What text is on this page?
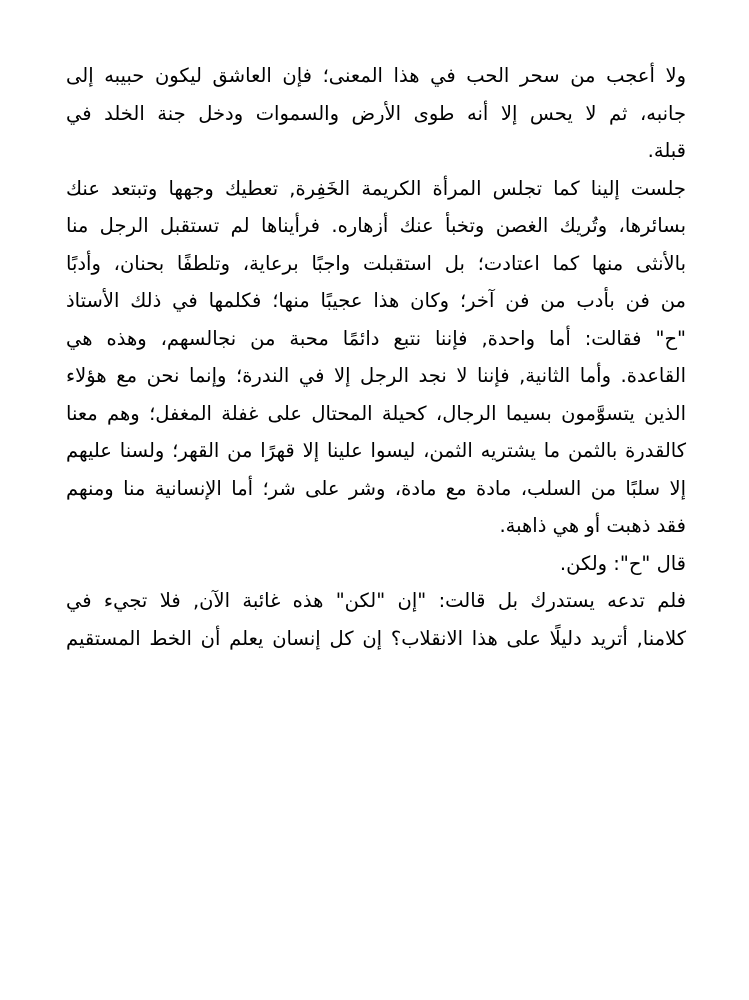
ولا أعجب من سحر الحب في هذا المعنى؛ فإن العاشق ليكون حبيبه إلى
جانبه، ثم لا يحس إلا أنه طوى الأرض والسموات ودخل جنة الخلد في
قبلة.
جلست إلينا كما تجلس المرأة الكريمة الخَفِرة, تعطيك وجهها وتبتعد عنك
بسائرها، وتُريك الغصن وتخبأ عنك أزهاره. فرأيناها لم تستقبل الرجل منا
بالأنثى منها كما اعتادت؛ بل استقبلت واجبًا برعاية، وتلطفًا بحنان، وأدبًا
من فن بأدب من فن آخر؛ وكان هذا عجيبًا منها؛ فكلمها في ذلك الأستاذ
"ح" فقالت: أما واحدة, فإننا نتبع دائمًا محبة من نجالسهم، وهذه هي
القاعدة. وأما الثانية, فإننا لا نجد الرجل إلا في الندرة؛ وإنما نحن مع هؤلاء
الذين يتسوَّمون بسيما الرجال، كحيلة المحتال على غفلة المغفل؛ وهم معنا
كالقدرة بالثمن ما يشتريه الثمن، ليسوا علينا إلا قهرًا من القهر؛ ولسنا عليهم
إلا سلبًا من السلب، مادة مع مادة، وشر على شر؛ أما الإنسانية منا ومنهم
فقد ذهبت أو هي ذاهبة.
قال "ح": ولكن.
فلم تدعه يستدرك بل قالت: "إن "لكن" هذه غائبة الآن, فلا تجيء في
كلامنا, أتريد دليلًا على هذا الانقلاب؟ إن كل إنسان يعلم أن الخط المستقيم
